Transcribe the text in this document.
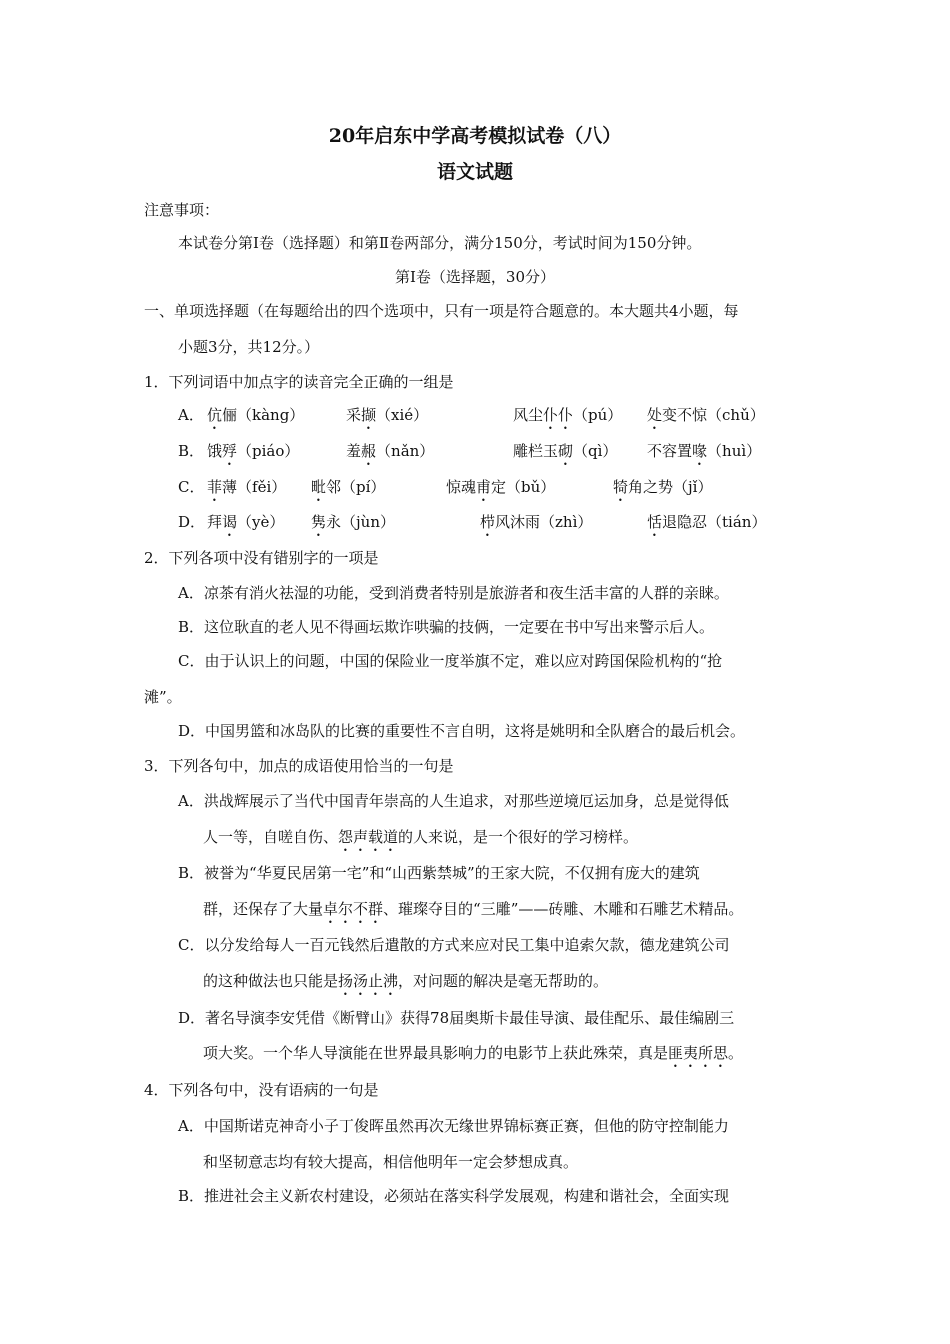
20年启东中学高考模拟试卷（八）
语文试题
注意事项：
本试卷分第Ⅰ卷（选择题）和第Ⅱ卷两部分，满分150分，考试时间为150分钟。
第Ⅰ卷（选择题，30分）
一、单项选择题（在每题给出的四个选项中，只有一项是符合题意的。本大题共4小题，每
小题3分，共12分。）
1．下列词语中加点字的读音完全正确的一组是
A． 伉俪（kàng）	采撷（xié）	风尘仆仆（pú） 处变不惊（chǔ）
B． 饿殍（piáo）	羞赧（nǎn）	雕栏玉砌（qì） 不容置喙（huì）
C． 菲薄（fěi） 毗邻（pí）	惊魂甫定（bǔ）	犄角之势（jǐ）
D． 拜谒（yè） 隽永（jùn）	栉风沐雨（zhì）	恬退隐忍（tián）
2．下列各项中没有错别字的一项是
A．凉茶有消火祛湿的功能，受到消费者特别是旅游者和夜生活丰富的人群的亲睐。
B．这位耿直的老人见不得画坛欺诈哄骗的技俩，一定要在书中写出来警示后人。
C．由于认识上的问题，中国的保险业一度举旗不定，难以应对跨国保险机构的“抢
滩”。
D．中国男篮和冰岛队的比赛的重要性不言自明，这将是姚明和全队磨合的最后机会。
3．下列各句中，加点的成语使用恰当的一句是
A．洪战辉展示了当代中国青年崇高的人生追求，对那些逆境厄运加身，总是觉得低
人一等，自嗟自伤、怨声载道的人来说，是一个很好的学习榜样。
B．被誉为“华夏民居第一宅”和“山西紫禁城”的王家大院，不仅拥有庞大的建筑
群，还保存了大量卓尔不群、璀璨夺目的“三雕”——砖雕、木雕和石雕艺术精品。
C．以分发给每人一百元钱然后遣散的方式来应对民工集中追索欠款，德龙建筑公司
的这种做法也只能是扬汤止沸，对问题的解决是毫无帮助的。
D．著名导演李安凭借《断臂山》获得78届奥斯卡最佳导演、最佳配乐、最佳编剧三
项大奖。一个华人导演能在世界最具影响力的电影节上获此殊荣，真是匪夷所思。
4．下列各句中，没有语病的一句是
A．中国斯诺克神奇小子丁俊晖虽然再次无缘世界锦标赛正赛，但他的防守控制能力
和坚韧意志均有较大提高，相信他明年一定会梦想成真。
B．推进社会主义新农村建设，必须站在落实科学发展观，构建和谐社会，全面实现
